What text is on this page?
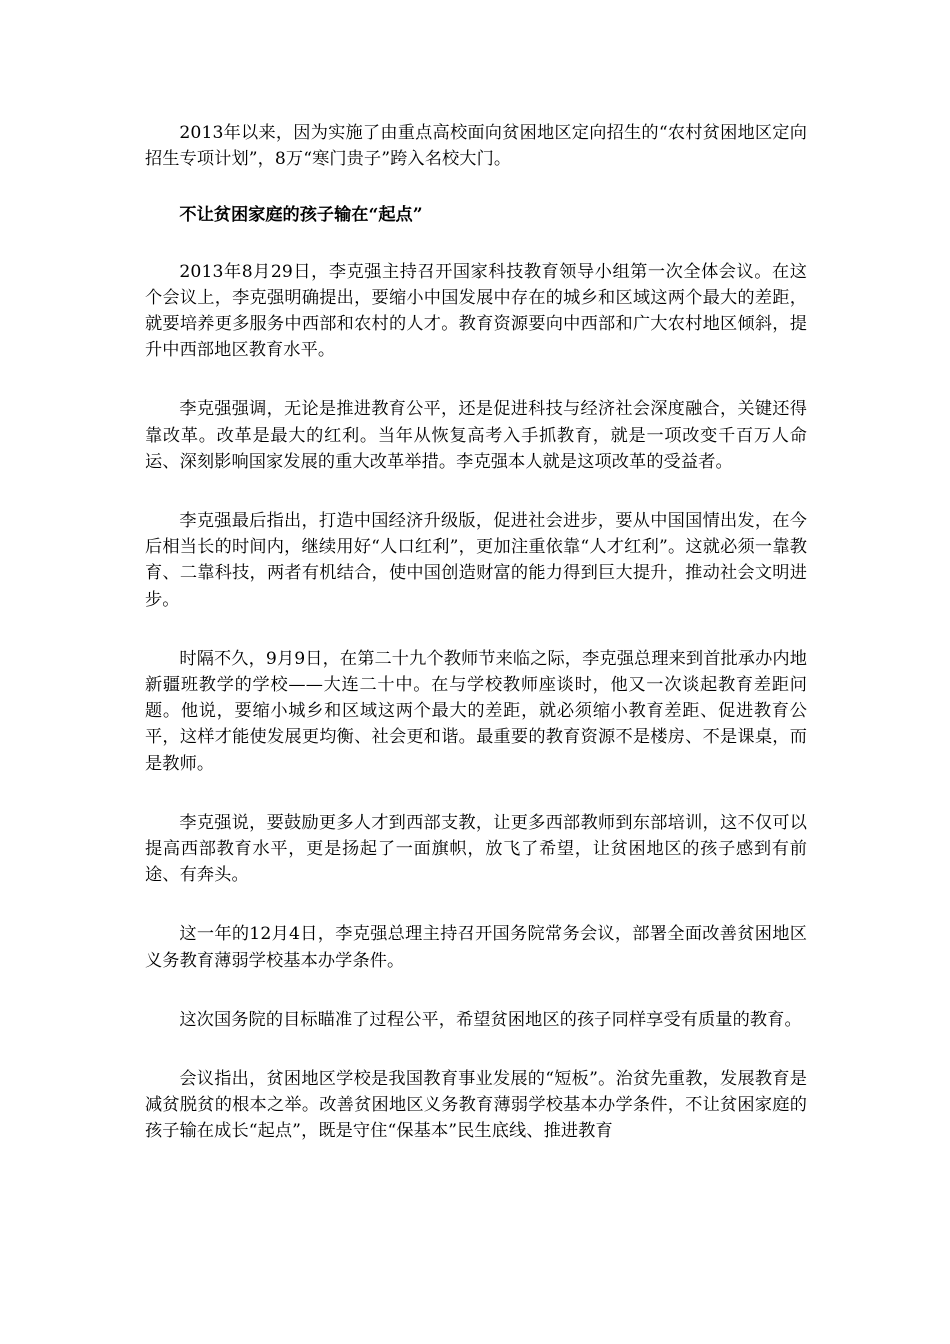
2013年以来，因为实施了由重点高校面向贫困地区定向招生的“农村贫困地区定向招生专项计划”，8万“寒门贵子”跨入名校大门。

不让贫困家庭的孩子输在“起点”

2013年8月29日，李克强主持召开国家科技教育领导小组第一次全体会议。在这个会议上，李克强明确提出，要缩小中国发展中存在的城乡和区域这两个最大的差距，就要培养更多服务中西部和农村的人才。教育资源要向中西部和广大农村地区倾斜，提升中西部地区教育水平。

李克强强调，无论是推进教育公平，还是促进科技与经济社会深度融合，关键还得靠改革。改革是最大的红利。当年从恢复高考入手抓教育，就是一项改变千百万人命运、深刻影响国家发展的重大改革举措。李克强本人就是这项改革的受益者。

李克强最后指出，打造中国经济升级版，促进社会进步，要从中国国情出发，在今后相当长的时间内，继续用好“人口红利”，更加注重依靠“人才红利”。这就必须一靠教育、二靠科技，两者有机结合，使中国创造财富的能力得到巨大提升，推动社会文明进步。

时隔不久，9月9日，在第二十九个教师节来临之际，李克强总理来到首批承办内地新疆班教学的学校——大连二十中。在与学校教师座谈时，他又一次谈起教育差距问题。他说，要缩小城乡和区域这两个最大的差距，就必须缩小教育差距、促进教育公平，这样才能使发展更均衡、社会更和谐。最重要的教育资源不是楼房、不是课桌，而是教师。

李克强说，要鼓励更多人才到西部支教，让更多西部教师到东部培训，这不仅可以提高西部教育水平，更是扬起了一面旗帜，放飞了希望，让贫困地区的孩子感到有前途、有奔头。

这一年的12月4日，李克强总理主持召开国务院常务会议，部署全面改善贫困地区义务教育薄弱学校基本办学条件。

这次国务院的目标瞄准了过程公平，希望贫困地区的孩子同样享受有质量的教育。

会议指出，贫困地区学校是我国教育事业发展的“短板”。治贫先重教，发展教育是减贫脱贫的根本之举。改善贫困地区义务教育薄弱学校基本办学条件，不让贫困家庭的孩子输在成长“起点”，既是守住“保基本”民生底线、推进教育
